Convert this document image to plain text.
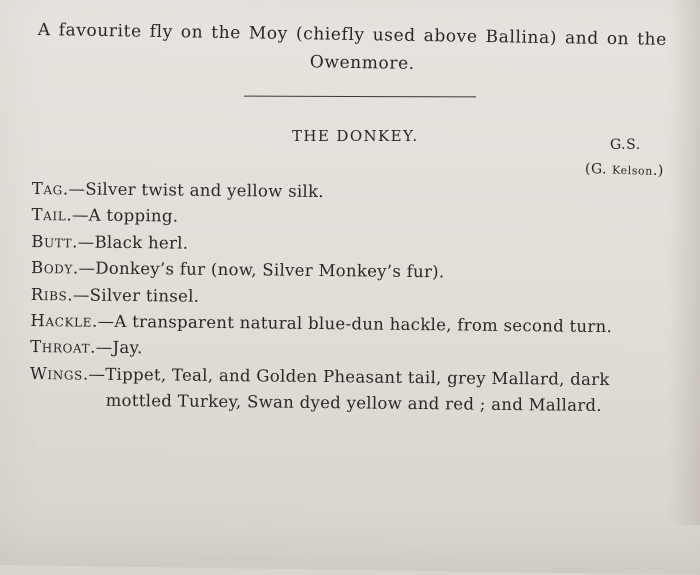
A favourite fly on the Moy (chiefly used above Ballina) and on the
Owenmore.
THE DONKEY.	G.S.
(G. Kelson.)
Tag.—Silver twist and yellow silk.
Tail.—A topping.
Butt.—Black herl.
Body.—Donkey’s fur (now, Silver Monkey’s fur).
Ribs.—Silver tinsel.
Hackle.—A transparent natural blue-dun hackle, from second turn.
Throat.—Jay.
Wings.—Tippet, Teal, and Golden Pheasant tail, grey Mallard, dark
mottled Turkey, Swan dyed yellow and red ; and Mallard.
